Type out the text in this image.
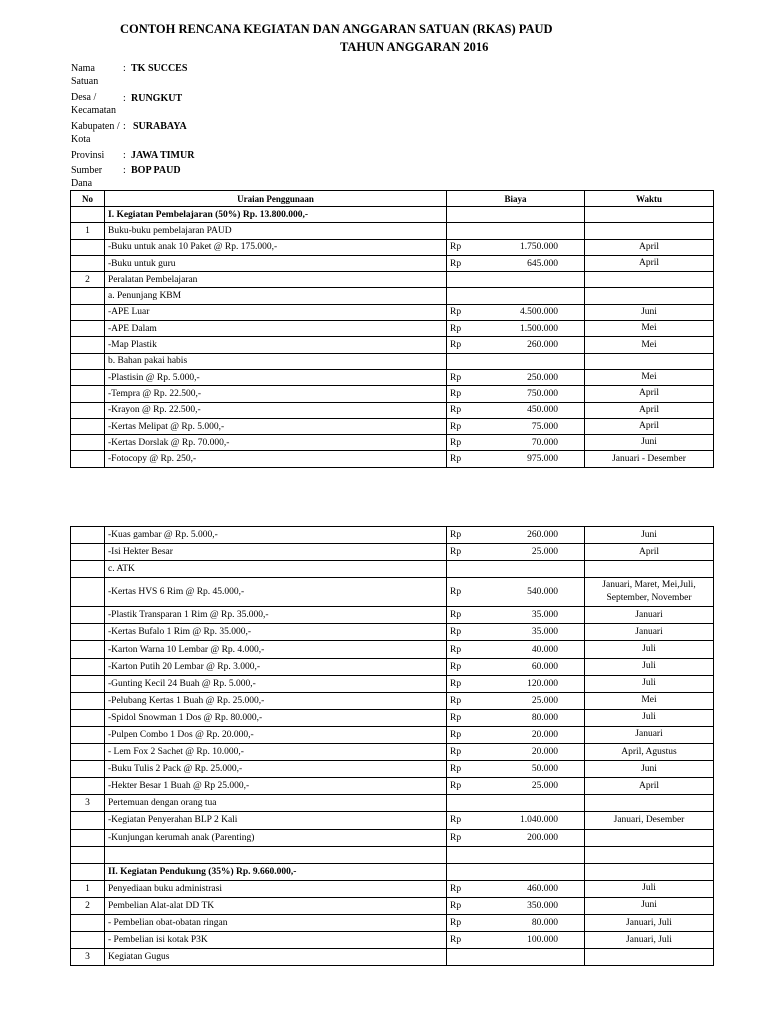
CONTOH RENCANA KEGIATAN DAN ANGGARAN SATUAN (RKAS) PAUD
TAHUN ANGGARAN 2016
Nama Satuan
: TK SUCCES
Desa / Kecamatan
: RUNGKUT
Kabupaten / Kota
: SURABAYA
Provinsi	: JAWA TIMUR
Sumber Dana
: BOP PAUD
No	Uraian Penggunaan	Biaya		Waktu
	I. Kegiatan Pembelajaran (50%) Rp. 13.800.000,-			
1	Buku-buku pembelajaran PAUD			
	-Buku untuk anak 10 Paket @ Rp. 175.000,-	Rp	1.750.000	April
	-Buku untuk guru	Rp	645.000	April
2	Peralatan Pembelajaran			
	a. Penunjang KBM			
	-APE Luar	Rp	4.500.000	Juni
	-APE Dalam	Rp	1.500.000	Mei
	-Map Plastik	Rp	260.000	Mei
	b. Bahan pakai habis			
	-Plastisin @ Rp. 5.000,-	Rp	250.000	Mei
	-Tempra @ Rp. 22.500,-	Rp	750.000	April
	-Krayon @ Rp. 22.500,-	Rp	450.000	April
	-Kertas Melipat @ Rp. 5.000,-	Rp	75.000	April
	-Kertas Dorslak @ Rp. 70.000,-	Rp	70.000	Juni
	-Fotocopy @ Rp. 250,-	Rp	975.000	Januari - Desember
	-Kuas gambar @ Rp. 5.000,-	Rp	260.000	Juni
	-Isi Hekter Besar	Rp	25.000	April
	c. ATK			
	-Kertas HVS 6 Rim @ Rp. 45.000,-	Rp	540.000	Januari, Maret, Mei,Juli, September, November
	-Plastik Transparan 1 Rim @ Rp. 35.000,-	Rp	35.000	Januari
	-Kertas Bufalo 1 Rim @ Rp. 35.000,-	Rp	35.000	Januari
	-Karton Warna 10 Lembar @ Rp. 4.000,-	Rp	40.000	Juli
	-Karton Putih 20 Lembar @ Rp. 3.000,-	Rp	60.000	Juli
	-Gunting Kecil 24 Buah @ Rp. 5.000,-	Rp	120.000	Juli
	-Pelubang Kertas 1 Buah @ Rp. 25.000,-	Rp	25.000	Mei
	-Spidol Snowman 1 Dos @ Rp. 80.000,-	Rp	80.000	Juli
	-Pulpen Combo 1 Dos @ Rp. 20.000,-	Rp	20.000	Januari
	- Lem Fox 2 Sachet @ Rp. 10.000,-	Rp	20.000	April, Agustus
	-Buku Tulis 2 Pack @ Rp. 25.000,-	Rp	50.000	Juni
	-Hekter Besar 1 Buah @ Rp 25.000,-	Rp	25.000	April
3	Pertemuan dengan orang tua			
	-Kegiatan Penyerahan BLP 2 Kali	Rp	1.040.000	Januari, Desember
	-Kunjungan kerumah anak (Parenting)	Rp	200.000	

	II. Kegiatan Pendukung (35%) Rp. 9.660.000,-			
1	Penyediaan buku administrasi	Rp	460.000	Juli
2	Pembelian Alat-alat DD TK	Rp	350.000	Juni
	- Pembelian obat-obatan ringan	Rp	80.000	Januari, Juli
	- Pembelian isi kotak P3K	Rp	100.000	Januari, Juli
3	Kegiatan Gugus			
